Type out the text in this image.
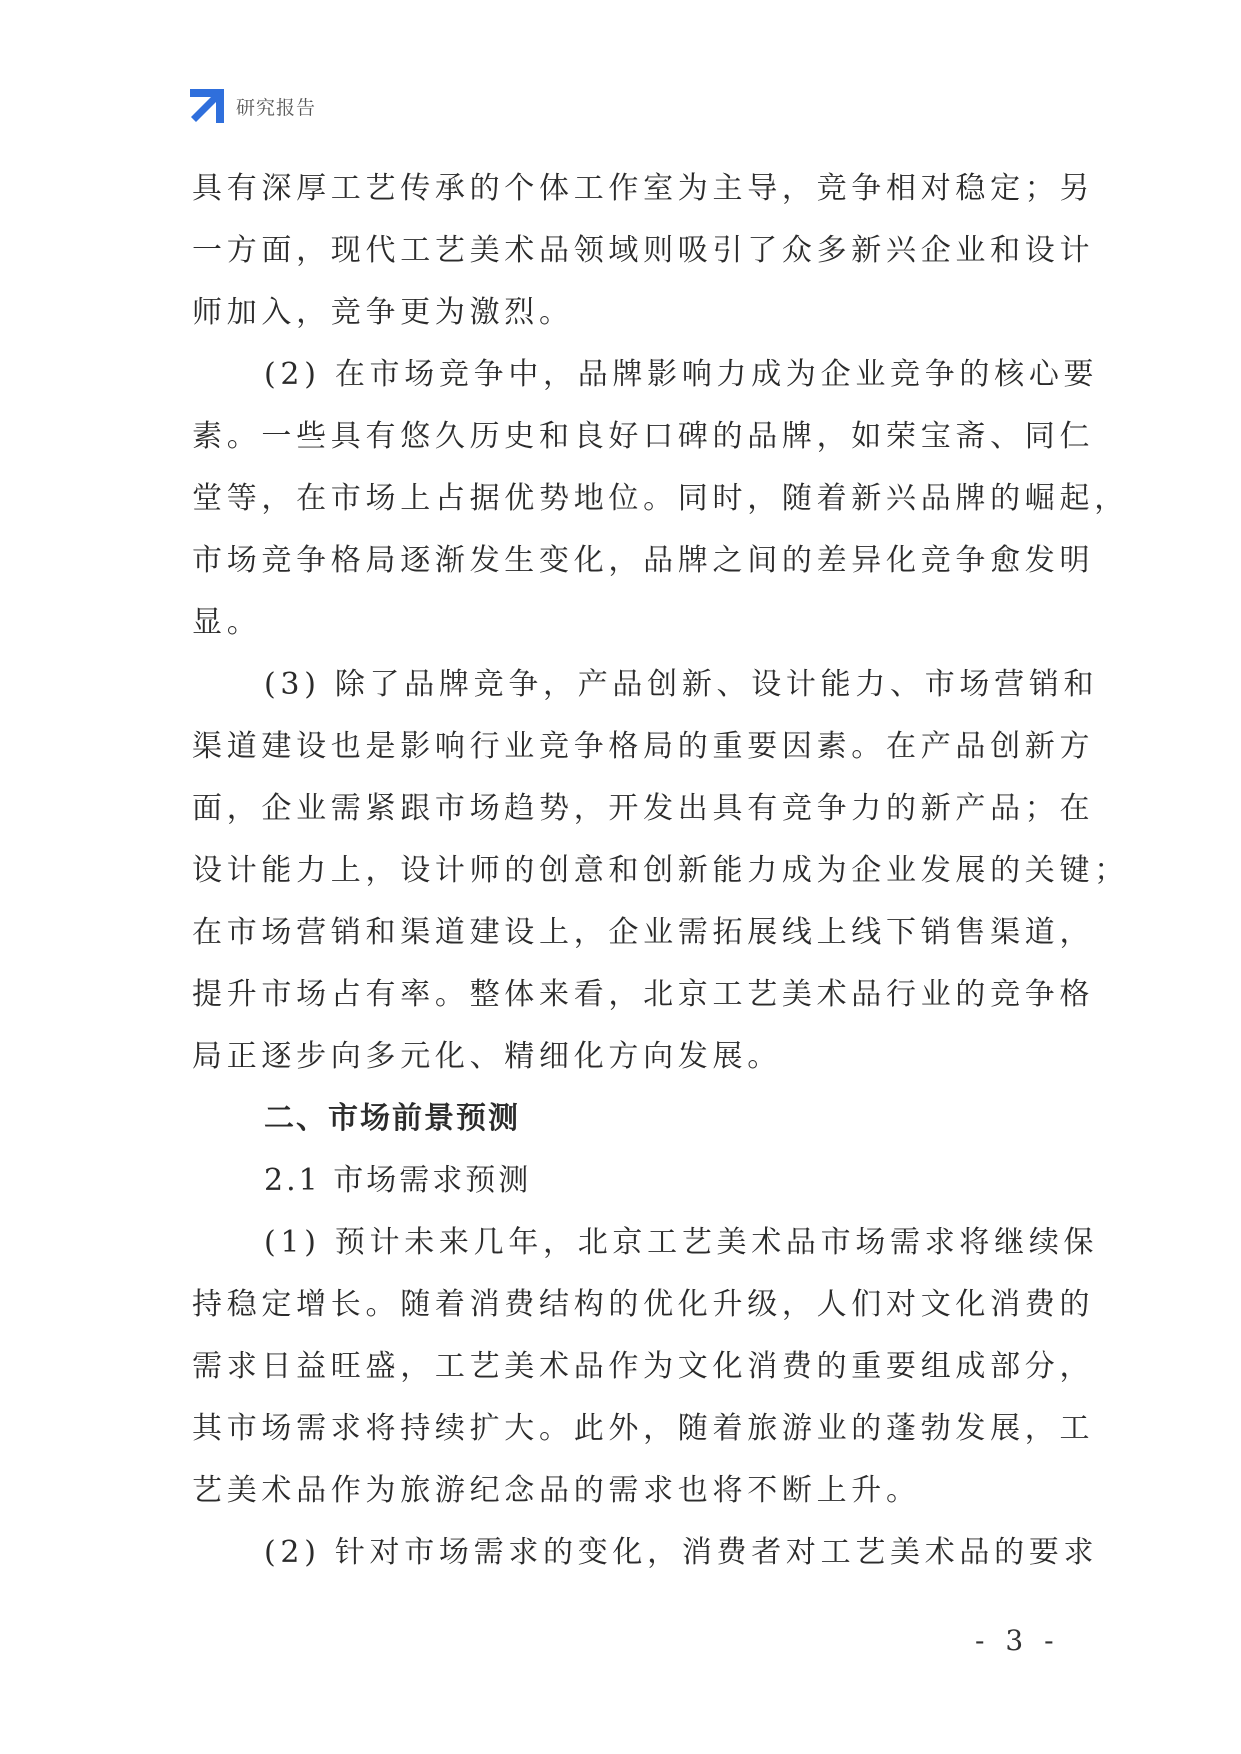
研究报告
具有深厚工艺传承的个体工作室为主导，竞争相对稳定；另
一方面，现代工艺美术品领域则吸引了众多新兴企业和设计
师加入，竞争更为激烈。
(2) 在市场竞争中，品牌影响力成为企业竞争的核心要
素。一些具有悠久历史和良好口碑的品牌，如荣宝斋、同仁
堂等，在市场上占据优势地位。同时，随着新兴品牌的崛起，
市场竞争格局逐渐发生变化，品牌之间的差异化竞争愈发明
显。
(3) 除了品牌竞争，产品创新、设计能力、市场营销和
渠道建设也是影响行业竞争格局的重要因素。在产品创新方
面，企业需紧跟市场趋势，开发出具有竞争力的新产品；在
设计能力上，设计师的创意和创新能力成为企业发展的关键；
在市场营销和渠道建设上，企业需拓展线上线下销售渠道，
提升市场占有率。整体来看，北京工艺美术品行业的竞争格
局正逐步向多元化、精细化方向发展。
二、市场前景预测
2.1 市场需求预测
(1) 预计未来几年，北京工艺美术品市场需求将继续保
持稳定增长。随着消费结构的优化升级，人们对文化消费的
需求日益旺盛，工艺美术品作为文化消费的重要组成部分，
其市场需求将持续扩大。此外，随着旅游业的蓬勃发展，工
艺美术品作为旅游纪念品的需求也将不断上升。
(2) 针对市场需求的变化，消费者对工艺美术品的要求
- 3 -
